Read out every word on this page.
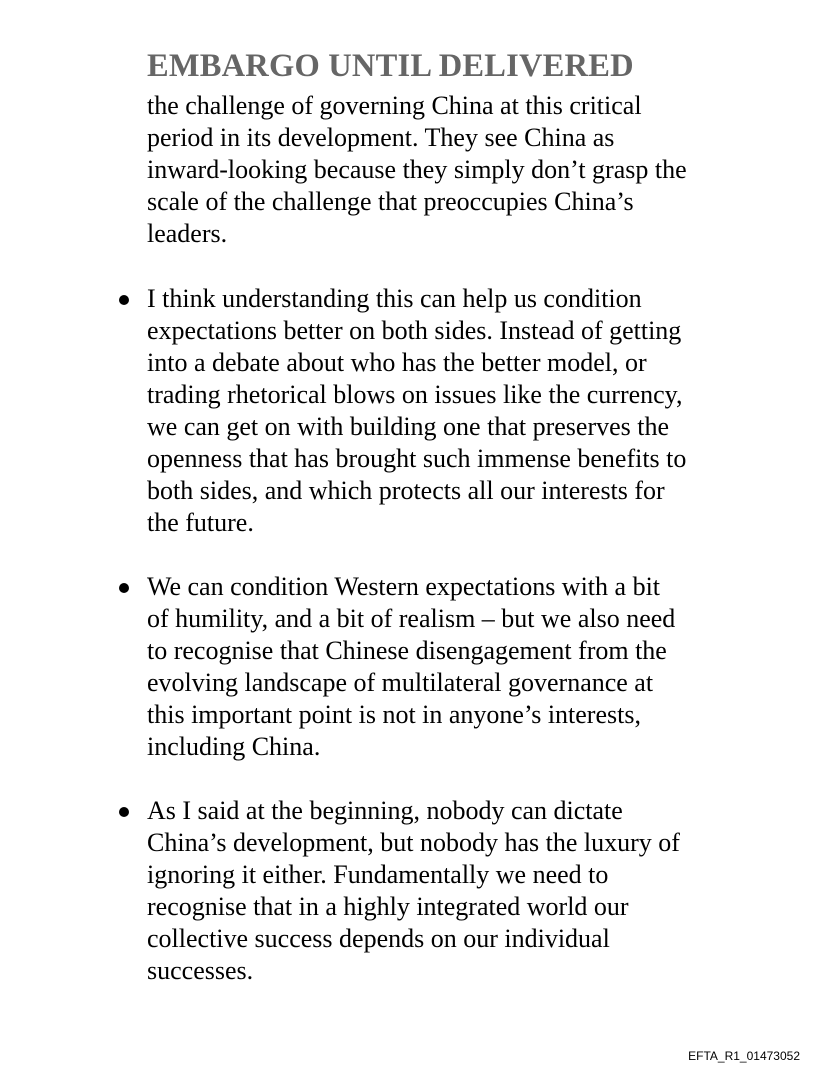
EMBARGO UNTIL DELIVERED
the challenge of governing China at this critical
period in its development. They see China as
inward-looking because they simply don’t grasp the
scale of the challenge that preoccupies China’s
leaders.
I think understanding this can help us condition
expectations better on both sides. Instead of getting
into a debate about who has the better model, or
trading rhetorical blows on issues like the currency,
we can get on with building one that preserves the
openness that has brought such immense benefits to
both sides, and which protects all our interests for
the future.
We can condition Western expectations with a bit
of humility, and a bit of realism – but we also need
to recognise that Chinese disengagement from the
evolving landscape of multilateral governance at
this important point is not in anyone’s interests,
including China.
As I said at the beginning, nobody can dictate
China’s development, but nobody has the luxury of
ignoring it either. Fundamentally we need to
recognise that in a highly integrated world our
collective success depends on our individual
successes.
EFTA_R1_01473052
